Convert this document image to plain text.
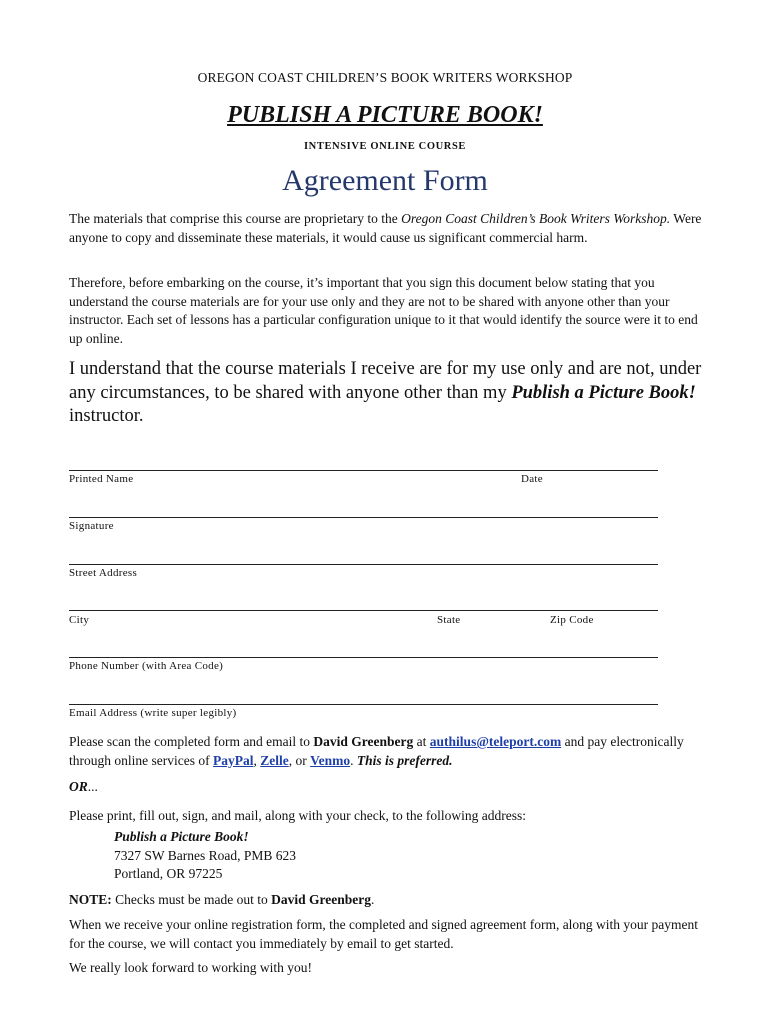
OREGON COAST CHILDREN’S BOOK WRITERS WORKSHOP
PUBLISH A PICTURE BOOK!
INTENSIVE ONLINE COURSE
Agreement Form

The materials that comprise this course are proprietary to the Oregon Coast Children’s Book Writers Workshop. Were anyone to copy and disseminate these materials, it would cause us significant commercial harm.

Therefore, before embarking on the course, it’s important that you sign this document below stating that you understand the course materials are for your use only and they are not to be shared with anyone other than your instructor. Each set of lessons has a particular configuration unique to it that would identify the source were it to end up online.

I understand that the course materials I receive are for my use only and are not, under any circumstances, to be shared with anyone other than my Publish a Picture Book! instructor.

Printed Name	Date
Signature
Street Address
City	State	Zip Code
Phone Number (with Area Code)
Email Address (write super legibly)

Please scan the completed form and email to David Greenberg at authilus@teleport.com and pay electronically through online services of PayPal, Zelle, or Venmo. This is preferred.

OR...

Please print, fill out, sign, and mail, along with your check, to the following address:

Publish a Picture Book!
7327 SW Barnes Road, PMB 623
Portland, OR 97225

NOTE: Checks must be made out to David Greenberg.

When we receive your online registration form, the completed and signed agreement form, along with your payment for the course, we will contact you immediately by email to get started.

We really look forward to working with you!
